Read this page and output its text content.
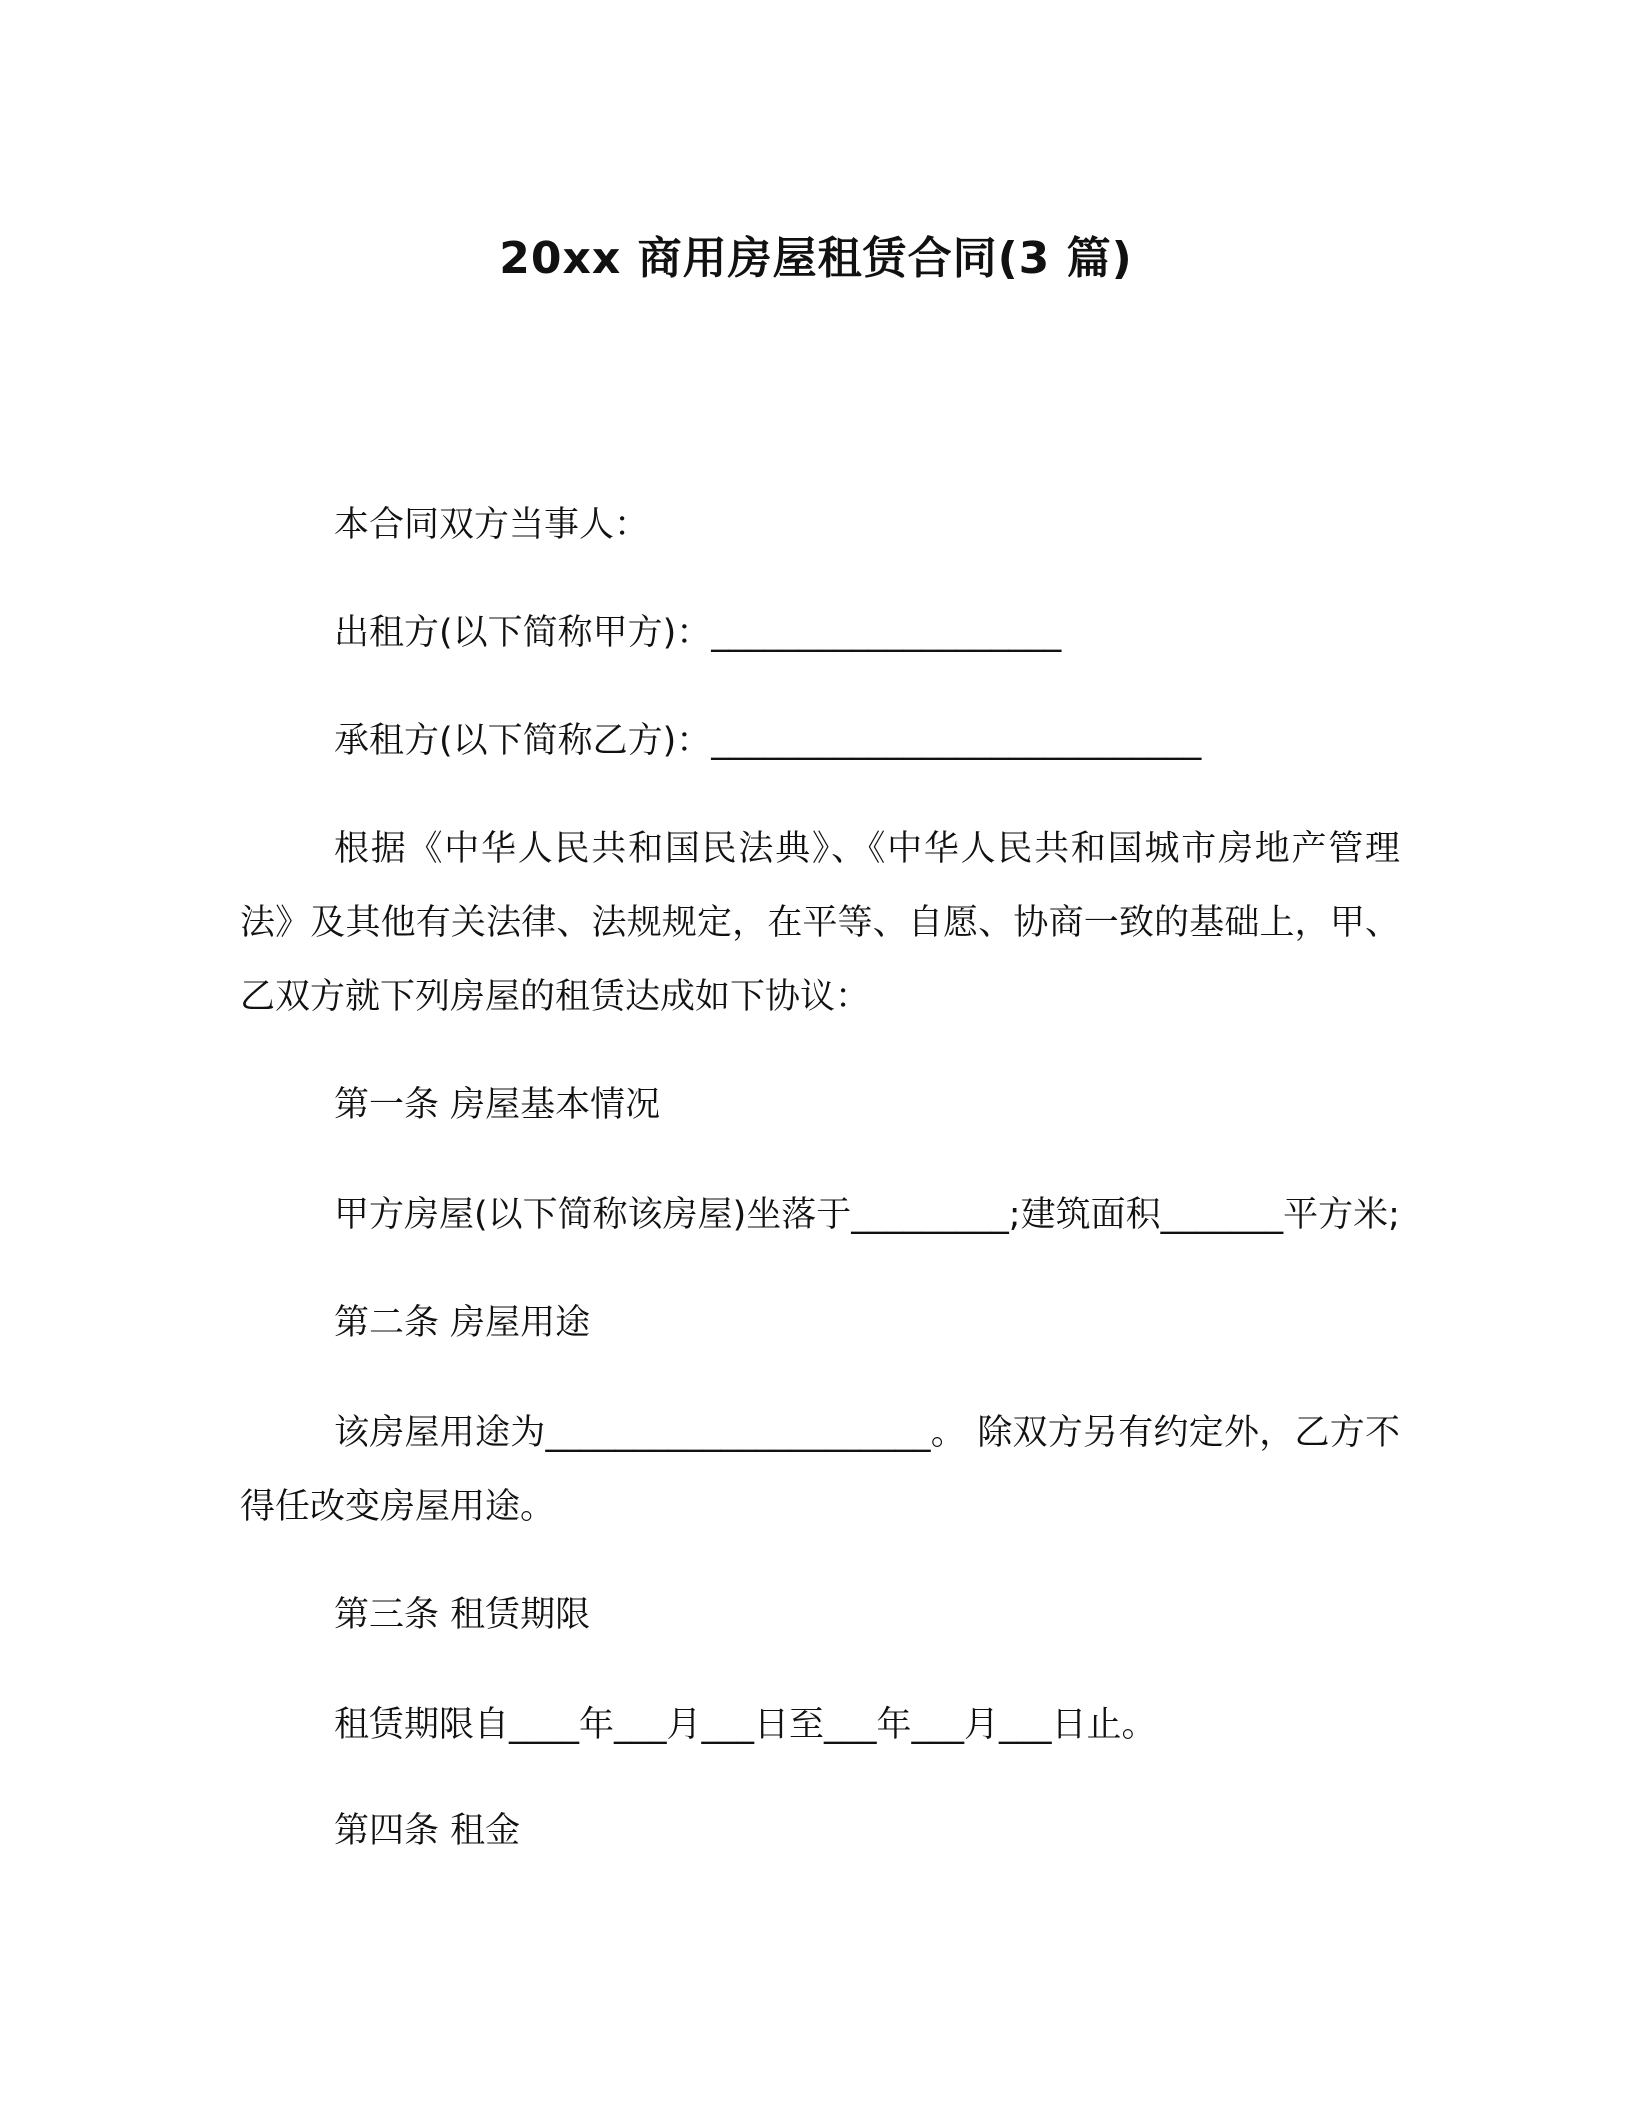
20xx 商用房屋租赁合同(3 篇)

本合同双方当事人：

出租方(以下简称甲方)：____________________

承租方(以下简称乙方)：____________________________

根据《中华人民共和国民法典》、《中华人民共和国城市房地产管理法》及其他有关法律、法规规定，在平等、自愿、协商一致的基础上，甲、乙双方就下列房屋的租赁达成如下协议：

第一条 房屋基本情况

甲方房屋(以下简称该房屋)坐落于_________;建筑面积_______平方米;

第二条 房屋用途

该房屋用途为______________________。 除双方另有约定外，乙方不得任改变房屋用途。

第三条 租赁期限

租赁期限自____年___月___日至___年___月___日止。

第四条 租金
